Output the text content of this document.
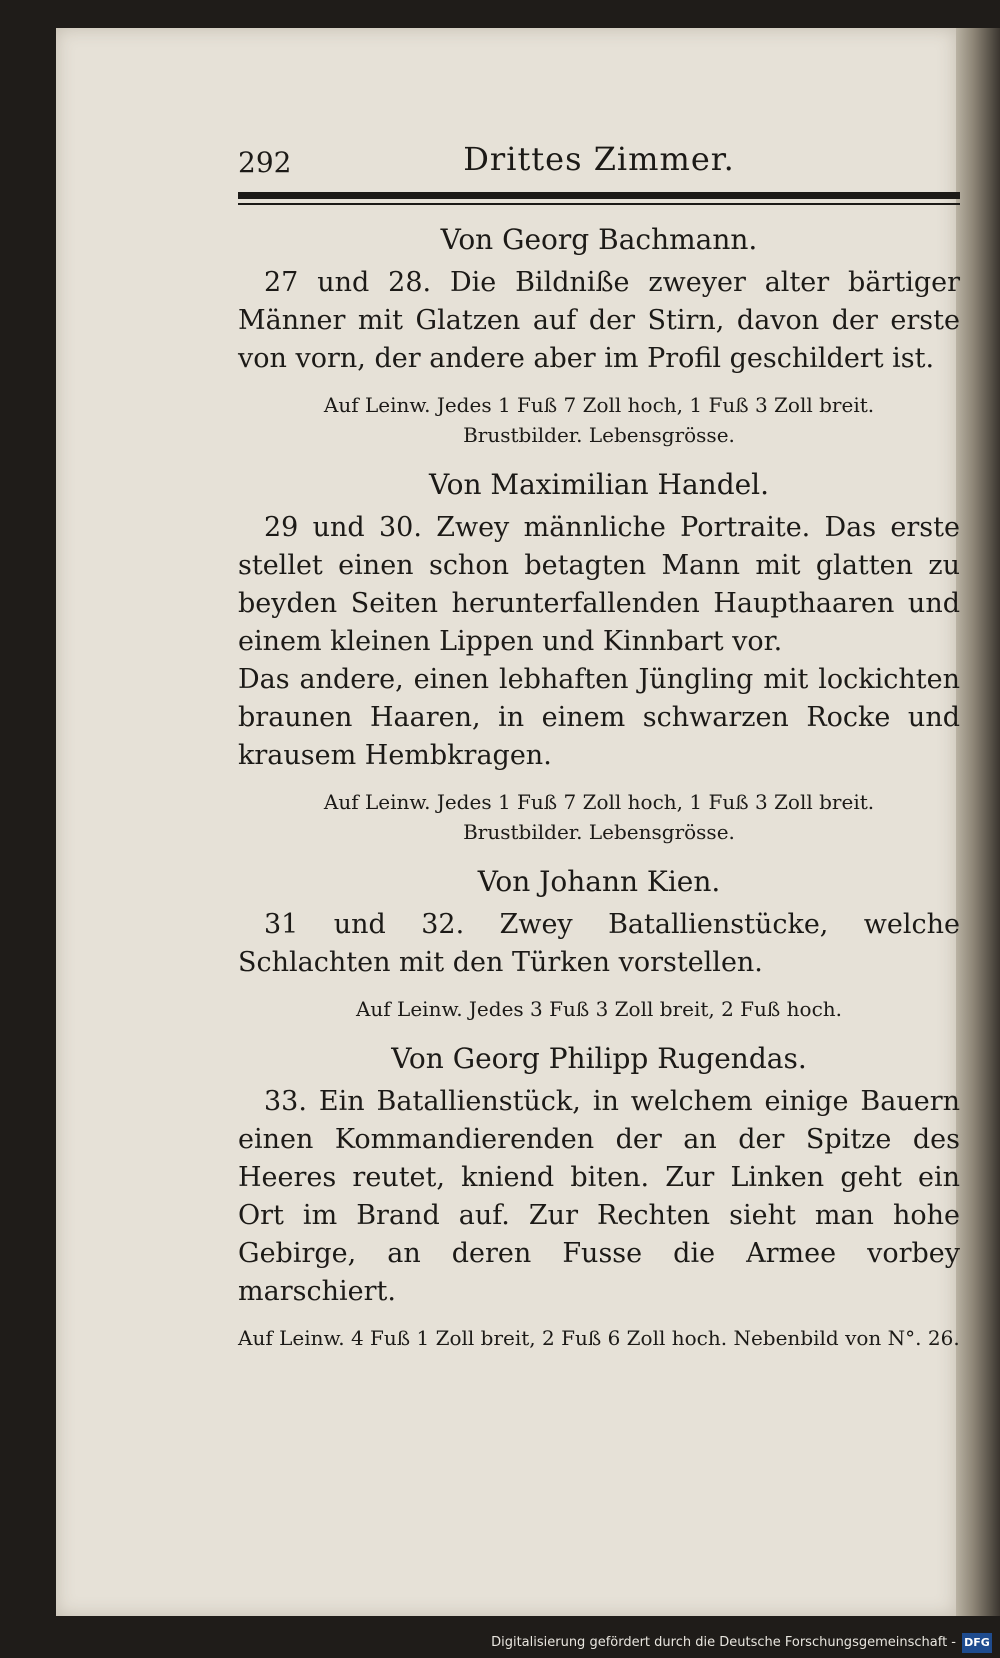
292	Drittes Zimmer.
Von Georg Bachmann.

27 und 28. Die Bildniße zweyer alter bärtiger Männer mit Glatzen auf der Stirn, davon der erste von vorn, der andere aber im Profil geschildert ist.

Auf Leinw. Jedes 1 Fuß 7 Zoll hoch, 1 Fuß 3 Zoll breit.

Brustbilder. Lebensgrösse.

Von Maximilian Handel.

29 und 30. Zwey männliche Portraite. Das erste stellet einen schon betagten Mann mit glatten zu beyden Seiten herunterfallenden Haupthaaren und einem kleinen Lippen und Kinnbart vor.

Das andere, einen lebhaften Jüngling mit lockichten braunen Haaren, in einem schwarzen Rocke und krausem Hembkragen.

Auf Leinw. Jedes 1 Fuß 7 Zoll hoch, 1 Fuß 3 Zoll breit.

Brustbilder. Lebensgrösse.

Von Johann Kien.

31 und 32. Zwey Batallienstücke, welche Schlachten mit den Türken vorstellen.

Auf Leinw. Jedes 3 Fuß 3 Zoll breit, 2 Fuß hoch.

Von Georg Philipp Rugendas.

33. Ein Batallienstück, in welchem einige Bauern einen Kommandierenden der an der Spitze des Heeres reutet, kniend biten. Zur Linken geht ein Ort im Brand auf. Zur Rechten sieht man hohe Gebirge, an deren Fusse die Armee vorbey marschiert.

Auf Leinw. 4 Fuß 1 Zoll breit, 2 Fuß 6 Zoll hoch. Nebenbild von N°. 26.

Digitalisierung gefördert durch die Deutsche Forschungsgemeinschaft - DFG
